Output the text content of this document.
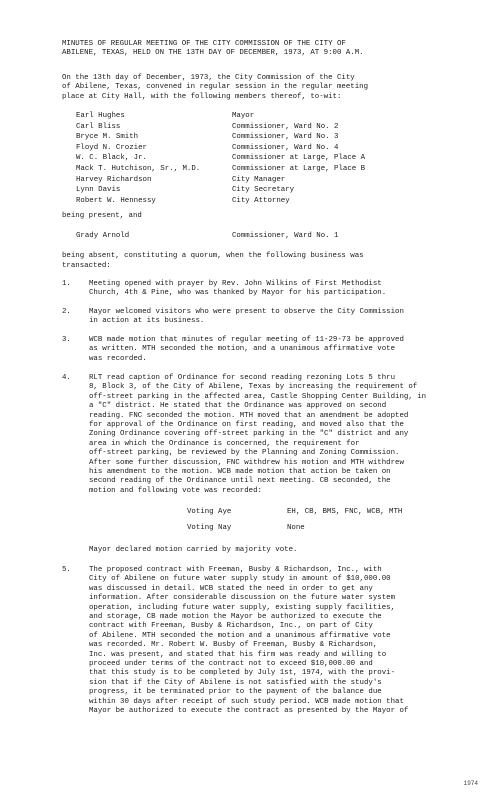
MINUTES OF REGULAR MEETING OF THE CITY COMMISSION OF THE CITY OF
ABILENE, TEXAS, HELD ON THE 13TH DAY OF DECEMBER, 1973, AT 9:00 A.M.
On the 13th day of December, 1973, the City Commission of the City
of Abilene, Texas, convened in regular session in the regular meeting
place at City Hall, with the following members thereof, to-wit:
Earl Hughes	Mayor
Carl Bliss	Commissioner, Ward No. 2
Bryce M. Smith	Commissioner, Ward No. 3
Floyd N. Crozier	Commissioner, Ward No. 4
W. C. Black, Jr.	Commissioner at Large, Place A
Mack T. Hutchison, Sr., M.D.	Commissioner at Large, Place B
Harvey Richardson	City Manager
Lynn Davis	City Secretary
Robert W. Hennessy	City Attorney
being present, and
Grady Arnold	Commissioner, Ward No. 1
being absent, constituting a quorum, when the following business was
transacted:
1. Meeting opened with prayer by Rev. John Wilkins of First Methodist
Church, 4th & Pine, who was thanked by Mayor for his participation.
2. Mayor welcomed visitors who were present to observe the City Commission
in action at its business.
3. WCB made motion that minutes of regular meeting of 11-29-73 be approved
as written. MTH seconded the motion, and a unanimous affirmative vote
was recorded.
4. RLT read caption of Ordinance for second reading rezoning Lots 5 thru
8, Block 3, of the City of Abilene, Texas by increasing the requirement of
off-street parking in the affected area, Castle Shopping Center Building, in
a "C" district. He stated that the Ordinance was approved on second
reading. FNC seconded the motion. MTH moved that an amendment be adopted
for approval of the Ordinance on first reading, and moved also that the
Zoning Ordinance covering off-street parking in the "C" district and any
area in which the Ordinance is concerned, the requirement for
off-street parking, be reviewed by the Planning and Zoning Commission.
After some further discussion, FNC withdrew his motion and MTH withdrew
his amendment to the motion. WCB made motion that action be taken on
second reading of the Ordinance until next meeting. CB seconded, the
motion and following vote was recorded:
Voting Aye	EH, CB, BMS, FNC, WCB, MTH
Voting Nay	None
Mayor declared motion carried by majority vote.
5. The proposed contract with Freeman, Busby & Richardson, Inc., with
City of Abilene on future water supply study in amount of $10,000.00
was discussed in detail. WCB stated the need in order to get any
information. After considerable discussion on the future water system
operation, including future water supply, existing supply facilities,
and storage, CB made motion the Mayor be authorized to execute the
contract with Freeman, Busby & Richardson, Inc., on part of City
of Abilene. MTH seconded the motion and a unanimous affirmative vote
was recorded. Mr. Robert W. Busby of Freeman, Busby & Richardson,
Inc. was present, and stated that his firm was ready and willing to
proceed under terms of the contract not to exceed $10,000.00 and
that this study is to be completed by July 1st, 1974, with the provi-
sion that if the City of Abilene is not satisfied with the study's
progress, it be terminated prior to the payment of the balance due
within 30 days after receipt of such study period. WCB made motion that
Mayor be authorized to execute the contract as presented by the Mayor of
1974
